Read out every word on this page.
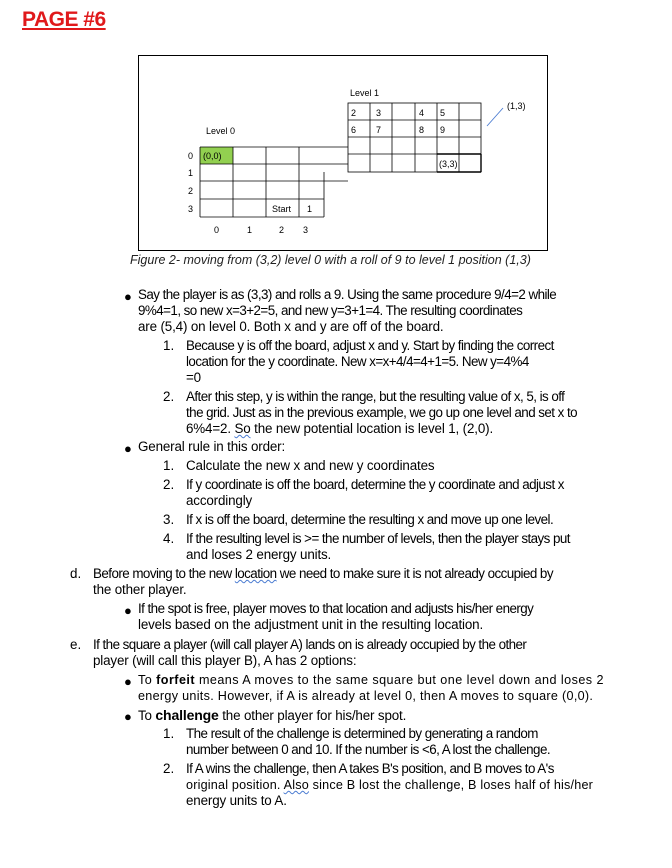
PAGE #6
Level 1
2 3	4 5
6 7	8 9
(3,3)
(1,3)
Level 0
(0,0)
Start 1
0
1
2
3
0	1	2 3
Figure 2- moving from (3,2) level 0 with a roll of 9 to level 1 position (1,3)
● Say the player is as (3,3) and rolls a 9. Using the same procedure 9/4=2 while
9%4=1, so new x=3+2=5, and new y=3+1=4. The resulting coordinates
are (5,4) on level 0. Both x and y are off of the board.
1. Because y is off the board, adjust x and y. Start by finding the correct
location for the y coordinate. New x=x+4/4=4+1=5. New y=4%4
=0
2. After this step, y is within the range, but the resulting value of x, 5, is off
the grid. Just as in the previous example, we go up one level and set x to
6%4=2. So the new potential location is level 1, (2,0).
● General rule in this order:
1. Calculate the new x and new y coordinates
2. If y coordinate is off the board, determine the y coordinate and adjust x
accordingly
3. If x is off the board, determine the resulting x and move up one level.
4. If the resulting level is >= the number of levels, then the player stays put
and loses 2 energy units.
d. Before moving to the new location we need to make sure it is not already occupied by
the other player.
● If the spot is free, player moves to that location and adjusts his/her energy
levels based on the adjustment unit in the resulting location.
e. If the square a player (will call player A) lands on is already occupied by the other
player (will call this player B), A has 2 options:
● To forfeit means A moves to the same square but one level down and loses 2
energy units. However, if A is already at level 0, then A moves to square (0,0).
● To challenge the other player for his/her spot.
1. The result of the challenge is determined by generating a random
number between 0 and 10. If the number is <6, A lost the challenge.
2. If A wins the challenge, then A takes B's position, and B moves to A's
original position. Also since B lost the challenge, B loses half of his/her
energy units to A.
